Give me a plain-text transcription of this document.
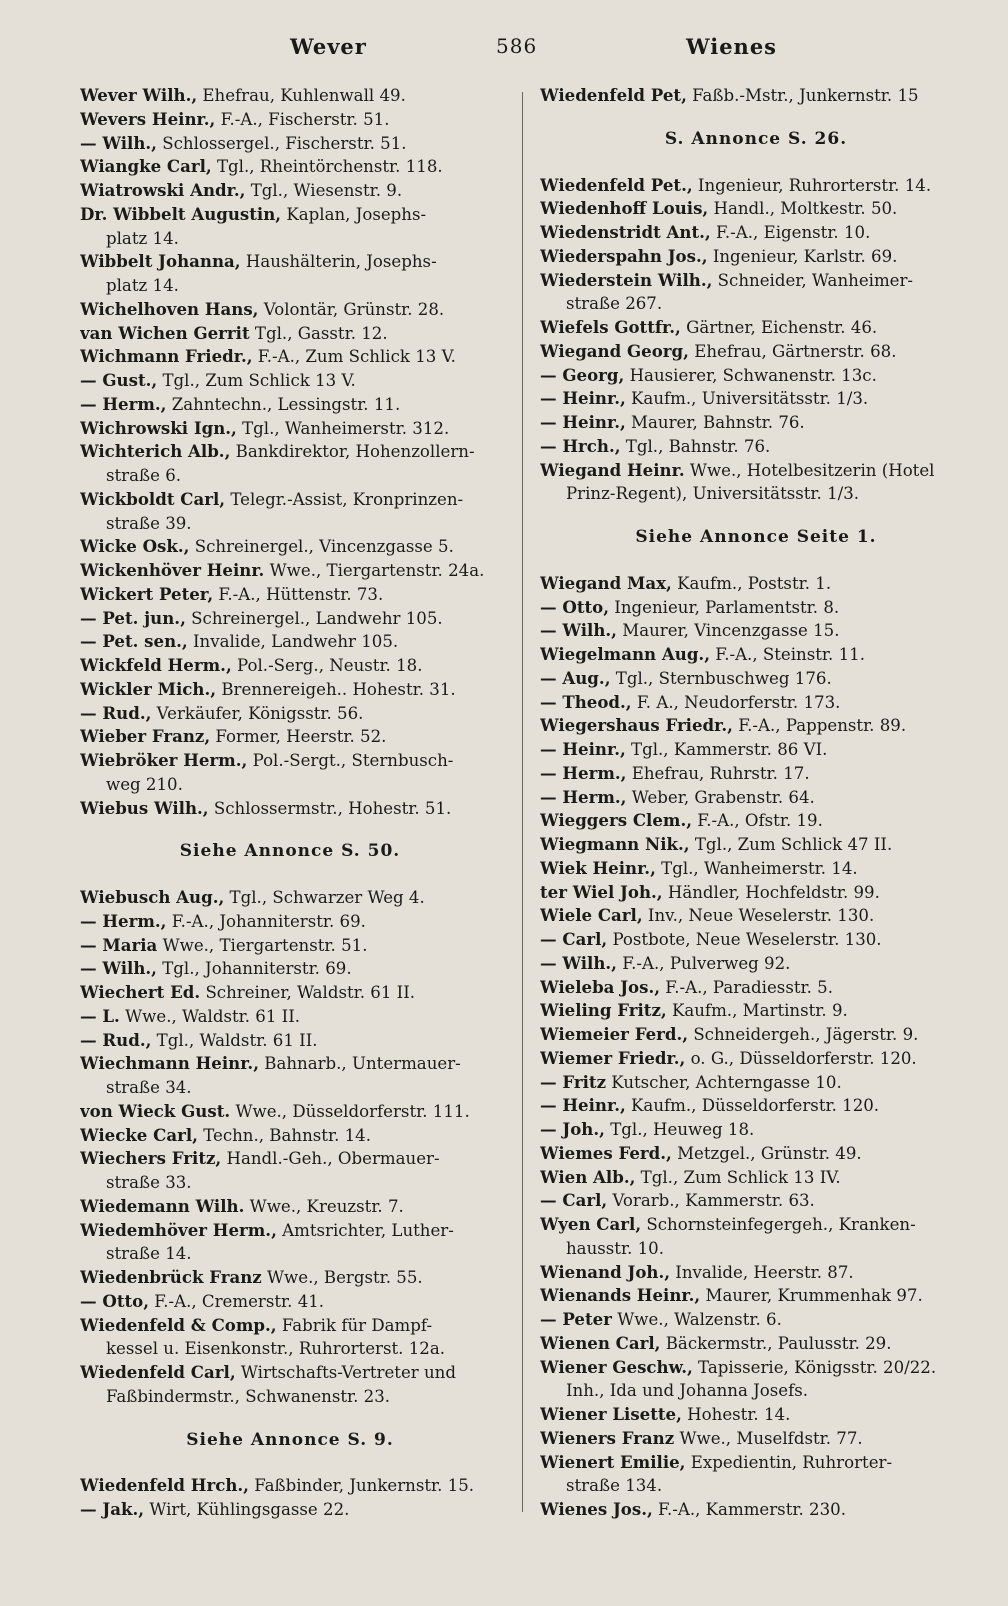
Wever	586	Wienes
Wever Wilh., Ehefrau, Kuhlenwall 49.
Wevers Heinr., F.-A., Fischerstr. 51.
— Wilh., Schlossergel., Fischerstr. 51.
Wiangke Carl, Tgl., Rheintörchenstr. 118.
Wiatrowski Andr., Tgl., Wiesenstr. 9.
Dr. Wibbelt Augustin, Kaplan, Josephs-
platz 14.
Wibbelt Johanna, Haushälterin, Josephs-
platz 14.
Wichelhoven Hans, Volontär, Grünstr. 28.
van Wichen Gerrit Tgl., Gasstr. 12.
Wichmann Friedr., F.-A., Zum Schlick 13 V.
— Gust., Tgl., Zum Schlick 13 V.
— Herm., Zahntechn., Lessingstr. 11.
Wichrowski Ign., Tgl., Wanheimerstr. 312.
Wichterich Alb., Bankdirektor, Hohenzollern-
straße 6.
Wickboldt Carl, Telegr.-Assist, Kronprinzen-
straße 39.
Wicke Osk., Schreinergel., Vincenzgasse 5.
Wickenhöver Heinr. Wwe., Tiergartenstr. 24a.
Wickert Peter, F.-A., Hüttenstr. 73.
— Pet. jun., Schreinergel., Landwehr 105.
— Pet. sen., Invalide, Landwehr 105.
Wickfeld Herm., Pol.-Serg., Neustr. 18.
Wickler Mich., Brennereigeh.. Hohestr. 31.
— Rud., Verkäufer, Königsstr. 56.
Wieber Franz, Former, Heerstr. 52.
Wiebröker Herm., Pol.-Sergt., Sternbusch-
weg 210.
Wiebus Wilh., Schlossermstr., Hohestr. 51.
Siehe Annonce S. 50.
Wiebusch Aug., Tgl., Schwarzer Weg 4.
— Herm., F.-A., Johanniterstr. 69.
— Maria Wwe., Tiergartenstr. 51.
— Wilh., Tgl., Johanniterstr. 69.
Wiechert Ed. Schreiner, Waldstr. 61 II.
— L. Wwe., Waldstr. 61 II.
— Rud., Tgl., Waldstr. 61 II.
Wiechmann Heinr., Bahnarb., Untermauer-
straße 34.
von Wieck Gust. Wwe., Düsseldorferstr. 111.
Wiecke Carl, Techn., Bahnstr. 14.
Wiechers Fritz, Handl.-Geh., Obermauer-
straße 33.
Wiedemann Wilh. Wwe., Kreuzstr. 7.
Wiedemhöver Herm., Amtsrichter, Luther-
straße 14.
Wiedenbrück Franz Wwe., Bergstr. 55.
— Otto, F.-A., Cremerstr. 41.
Wiedenfeld & Comp., Fabrik für Dampf-
kessel u. Eisenkonstr., Ruhrorterst. 12a.
Wiedenfeld Carl, Wirtschafts-Vertreter und
Faßbindermstr., Schwanenstr. 23.
Siehe Annonce S. 9.
Wiedenfeld Hrch., Faßbinder, Junkernstr. 15.
— Jak., Wirt, Kühlingsgasse 22.
Wiedenfeld Pet, Faßb.-Mstr., Junkernstr. 15
S. Annonce S. 26.
Wiedenfeld Pet., Ingenieur, Ruhrorterstr. 14.
Wiedenhoff Louis, Handl., Moltkestr. 50.
Wiedenstridt Ant., F.-A., Eigenstr. 10.
Wiederspahn Jos., Ingenieur, Karlstr. 69.
Wiederstein Wilh., Schneider, Wanheimer-
straße 267.
Wiefels Gottfr., Gärtner, Eichenstr. 46.
Wiegand Georg, Ehefrau, Gärtnerstr. 68.
— Georg, Hausierer, Schwanenstr. 13c.
— Heinr., Kaufm., Universitätsstr. 1/3.
— Heinr., Maurer, Bahnstr. 76.
— Hrch., Tgl., Bahnstr. 76.
Wiegand Heinr. Wwe., Hotelbesitzerin (Hotel
Prinz-Regent), Universitätsstr. 1/3.
Siehe Annonce Seite 1.
Wiegand Max, Kaufm., Poststr. 1.
— Otto, Ingenieur, Parlamentstr. 8.
— Wilh., Maurer, Vincenzgasse 15.
Wiegelmann Aug., F.-A., Steinstr. 11.
— Aug., Tgl., Sternbuschweg 176.
— Theod., F. A., Neudorferstr. 173.
Wiegershaus Friedr., F.-A., Pappenstr. 89.
— Heinr., Tgl., Kammerstr. 86 VI.
— Herm., Ehefrau, Ruhrstr. 17.
— Herm., Weber, Grabenstr. 64.
Wieggers Clem., F.-A., Ofstr. 19.
Wiegmann Nik., Tgl., Zum Schlick 47 II.
Wiek Heinr., Tgl., Wanheimerstr. 14.
ter Wiel Joh., Händler, Hochfeldstr. 99.
Wiele Carl, Inv., Neue Weselerstr. 130.
— Carl, Postbote, Neue Weselerstr. 130.
— Wilh., F.-A., Pulverweg 92.
Wieleba Jos., F.-A., Paradiesstr. 5.
Wieling Fritz, Kaufm., Martinstr. 9.
Wiemeier Ferd., Schneidergeh., Jägerstr. 9.
Wiemer Friedr., o. G., Düsseldorferstr. 120.
— Fritz Kutscher, Achterngasse 10.
— Heinr., Kaufm., Düsseldorferstr. 120.
— Joh., Tgl., Heuweg 18.
Wiemes Ferd., Metzgel., Grünstr. 49.
Wien Alb., Tgl., Zum Schlick 13 IV.
— Carl, Vorarb., Kammerstr. 63.
Wyen Carl, Schornsteinfegergeh., Kranken-
hausstr. 10.
Wienand Joh., Invalide, Heerstr. 87.
Wienands Heinr., Maurer, Krummenhak 97.
— Peter Wwe., Walzenstr. 6.
Wienen Carl, Bäckermstr., Paulusstr. 29.
Wiener Geschw., Tapisserie, Königsstr. 20/22.
Inh., Ida und Johanna Josefs.
Wiener Lisette, Hohestr. 14.
Wieners Franz Wwe., Muselfdstr. 77.
Wienert Emilie, Expedientin, Ruhrorter-
straße 134.
Wienes Jos., F.-A., Kammerstr. 230.
